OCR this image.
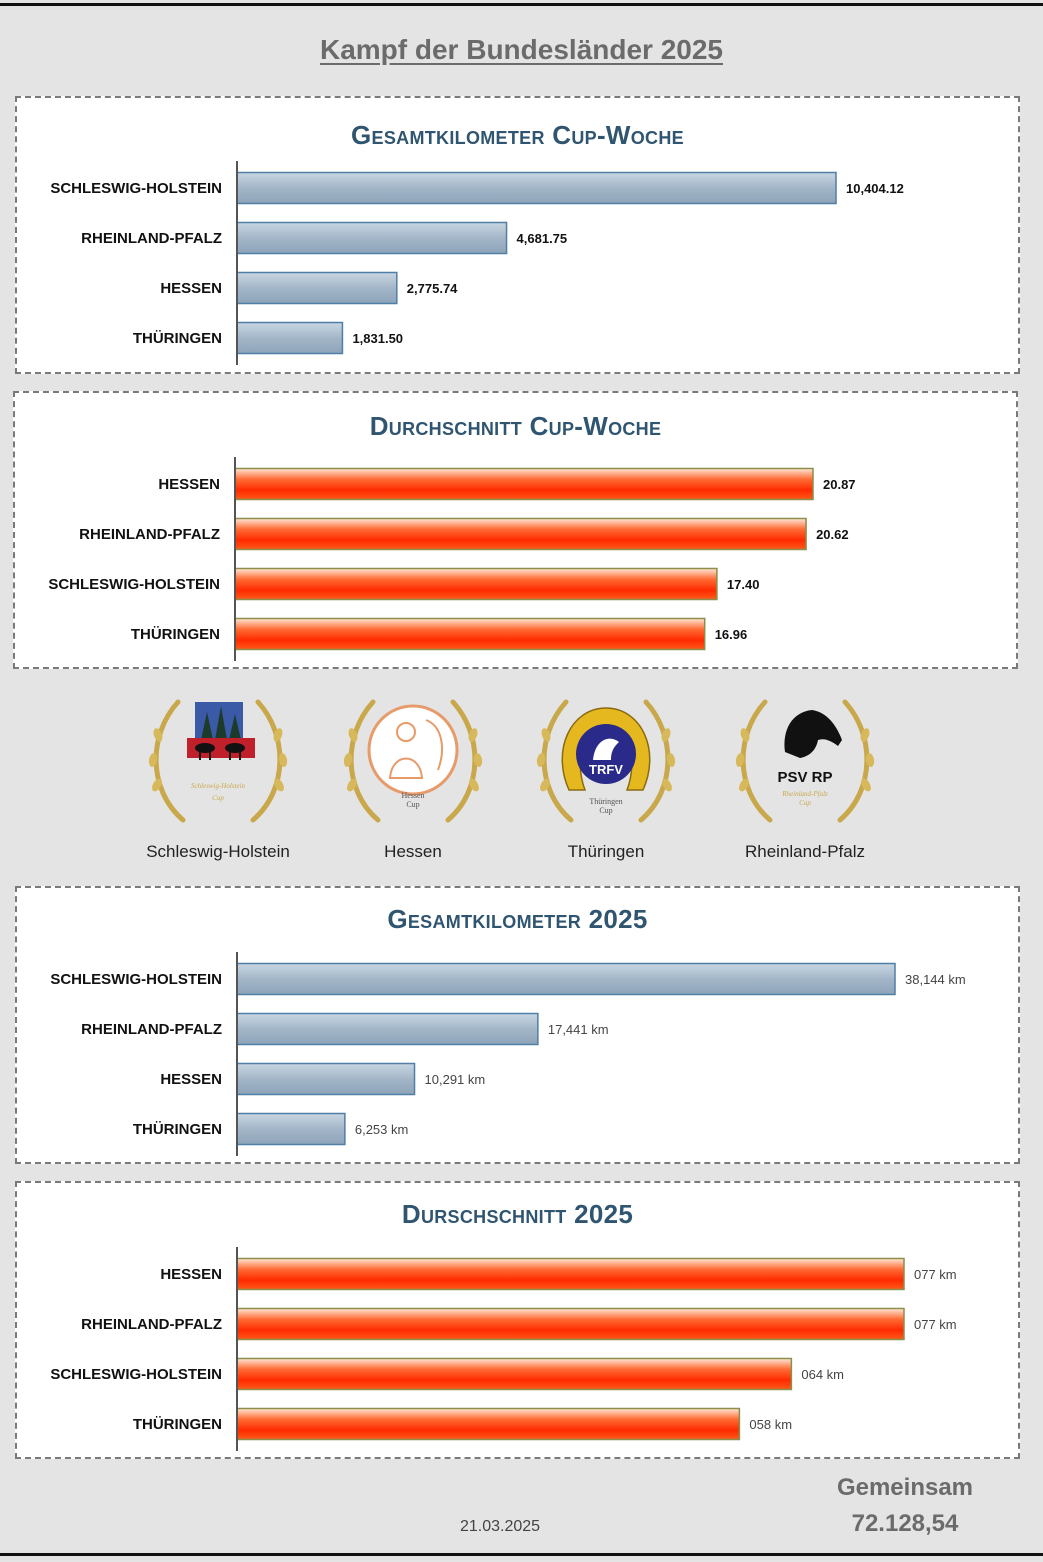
Kampf der Bundesländer 2025
Gesamtkilometer Cup-Woche
SCHLESWIG-HOLSTEIN	10,404.12
RHEINLAND-PFALZ	4,681.75
HESSEN	2,775.74
THÜRINGEN	1,831.50
Durchschnitt Cup-Woche
HESSEN	20.87
RHEINLAND-PFALZ	20.62
SCHLESWIG-HOLSTEIN	17.40
THÜRINGEN	16.96
Schleswig-Holstein
Cup
Schleswig-Holstein
Hessen
Cup
Hessen
TRFV
Thüringen
Cup
Thüringen
PSV RP
Rheinland-Pfalz
Cup
Rheinland-Pfalz
Gesamtkilometer 2025
SCHLESWIG-HOLSTEIN	38,144 km
RHEINLAND-PFALZ	17,441 km
HESSEN	10,291 km
THÜRINGEN	6,253 km
Durschschnitt 2025
HESSEN	077 km
RHEINLAND-PFALZ	077 km
SCHLESWIG-HOLSTEIN	064 km
THÜRINGEN	058 km
21.03.2025
Gemeinsam
72.128,54
